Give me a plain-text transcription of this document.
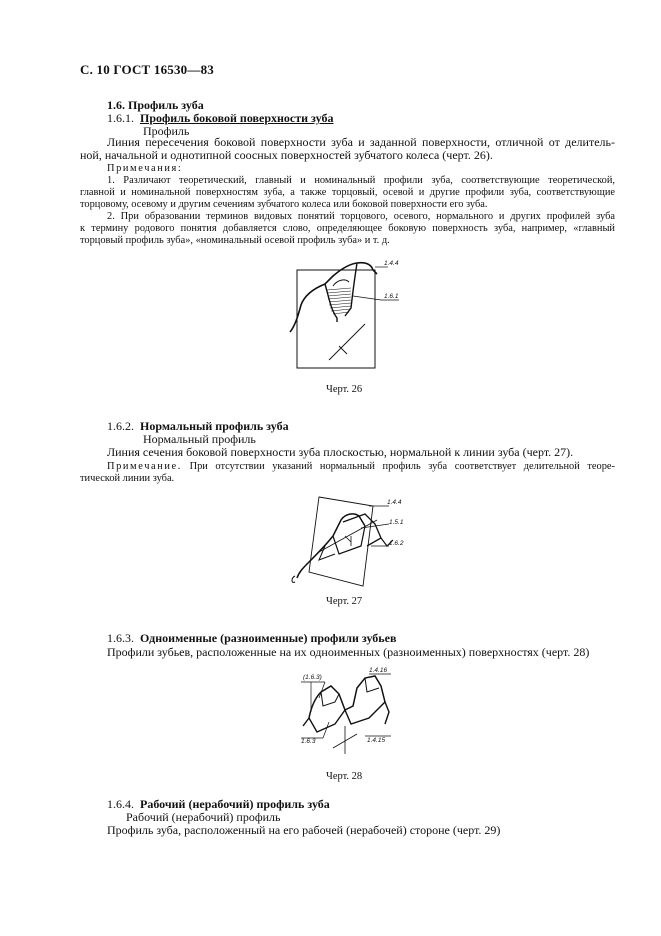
С. 10 ГОСТ 16530—83
1.6. Профиль зуба
1.6.1. Профиль боковой поверхности зуба
Профиль
Линия пересечения боковой поверхности зуба и заданной поверхности, отличной от делитель-
ной, начальной и однотипной соосных поверхностей зубчатого колеса (черт. 26).
Примечания:
1. Различают теоретический, главный и номинальный профили зуба, соответствующие теоретической,
главной и номинальной поверхностям зуба, а также торцовый, осевой и другие профили зуба, соответствующие
торцовому, осевому и другим сечениям зубчатого колеса или боковой поверхности его зуба.
2. При образовании терминов видовых понятий торцового, осевого, нормального и других профилей зуба
к термину родового понятия добавляется слово, определяющее боковую поверхность зуба, например, «главный
торцовый профиль зуба», «номинальный осевой профиль зуба» и т. д.
1.4.4
1.6.1
Черт. 26
1.6.2. Нормальный профиль зуба
Нормальный профиль
Линия сечения боковой поверхности зуба плоскостью, нормальной к линии зуба (черт. 27).
Примечание. При отсутствии указаний нормальный профиль зуба соответствует делительной теоре-
тической линии зуба.
1.4.4
1.5.1
1.6.2
Черт. 27
1.6.3. Одноименные (разноименные) профили зубьев
Профили зубьев, расположенные на их одноименных (разноименных) поверхностях (черт. 28)
(1.6.3)
1.4.16
1.6.3	1.4.15
Черт. 28
1.6.4. Рабочий (нерабочий) профиль зуба
Рабочий (нерабочий) профиль
Профиль зуба, расположенный на его рабочей (нерабочей) стороне (черт. 29)
